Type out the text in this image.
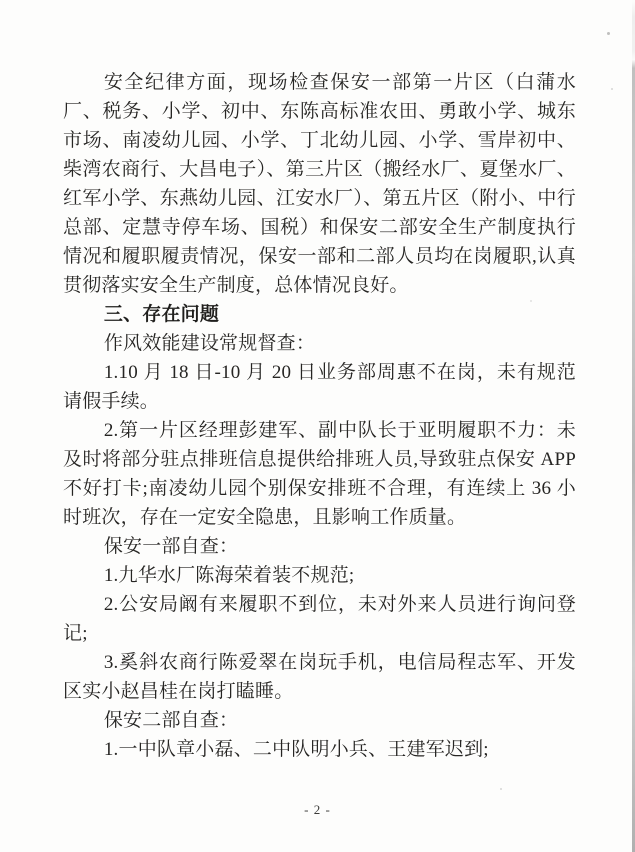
安全纪律方面，现场检查保安一部第一片区（白蒲水厂、税务、小学、初中、东陈高标准农田、勇敢小学、城东市场、南凌幼儿园、小学、丁北幼儿园、小学、雪岸初中、柴湾农商行、大昌电子）、第三片区（搬经水厂、夏堡水厂、红军小学、东燕幼儿园、江安水厂）、第五片区（附小、中行总部、定慧寺停车场、国税）和保安二部安全生产制度执行情况和履职履责情况，保安一部和二部人员均在岗履职,认真贯彻落实安全生产制度，总体情况良好。

三、存在问题

作风效能建设常规督查：

1.10 月 18 日-10 月 20 日业务部周惠不在岗，未有规范请假手续。

2.第一片区经理彭建军、副中队长于亚明履职不力：未及时将部分驻点排班信息提供给排班人员,导致驻点保安 APP 不好打卡;南凌幼儿园个别保安排班不合理，有连续上 36 小时班次，存在一定安全隐患，且影响工作质量。

保安一部自查：

1.九华水厂陈海荣着装不规范;

2.公安局阚有来履职不到位，未对外来人员进行询问登记;

3.奚斜农商行陈爱翠在岗玩手机，电信局程志军、开发区实小赵昌桂在岗打瞌睡。

保安二部自查：

1.一中队章小磊、二中队明小兵、王建军迟到;

- 2 -
